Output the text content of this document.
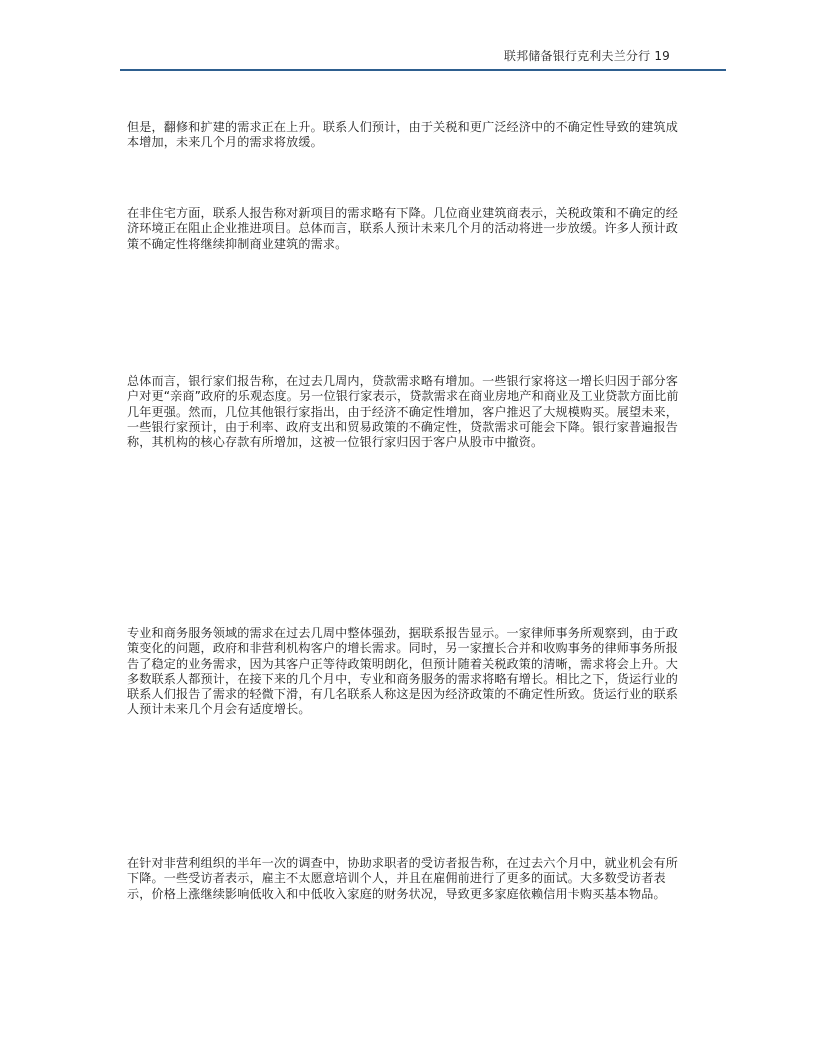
联邦储备银行克利夫兰分行 19

但是，翻修和扩建的需求正在上升。联系人们预计，由于关税和更广泛经济中的不确定性导致的建筑成本增加，未来几个月的需求将放缓。

在非住宅方面，联系人报告称对新项目的需求略有下降。几位商业建筑商表示，关税政策和不确定的经济环境正在阻止企业推进项目。总体而言，联系人预计未来几个月的活动将进一步放缓。许多人预计政策不确定性将继续抑制商业建筑的需求。

总体而言，银行家们报告称，在过去几周内，贷款需求略有增加。一些银行家将这一增长归因于部分客户对更“亲商”政府的乐观态度。另一位银行家表示，贷款需求在商业房地产和商业及工业贷款方面比前几年更强。然而，几位其他银行家指出，由于经济不确定性增加，客户推迟了大规模购买。展望未来，一些银行家预计，由于利率、政府支出和贸易政策的不确定性，贷款需求可能会下降。银行家普遍报告称，其机构的核心存款有所增加，这被一位银行家归因于客户从股市中撤资。

专业和商务服务领域的需求在过去几周中整体强劲，据联系报告显示。一家律师事务所观察到，由于政策变化的问题，政府和非营利机构客户的增长需求。同时，另一家擅长合并和收购事务的律师事务所报告了稳定的业务需求，因为其客户正等待政策明朗化，但预计随着关税政策的清晰，需求将会上升。大多数联系人都预计，在接下来的几个月中，专业和商务服务的需求将略有增长。相比之下，货运行业的联系人们报告了需求的轻微下滑，有几名联系人称这是因为经济政策的不确定性所致。货运行业的联系人预计未来几个月会有适度增长。

在针对非营利组织的半年一次的调查中，协助求职者的受访者报告称，在过去六个月中，就业机会有所下降。一些受访者表示，雇主不太愿意培训个人，并且在雇佣前进行了更多的面试。大多数受访者表示，价格上涨继续影响低收入和中低收入家庭的财务状况，导致更多家庭依赖信用卡购买基本物品。
